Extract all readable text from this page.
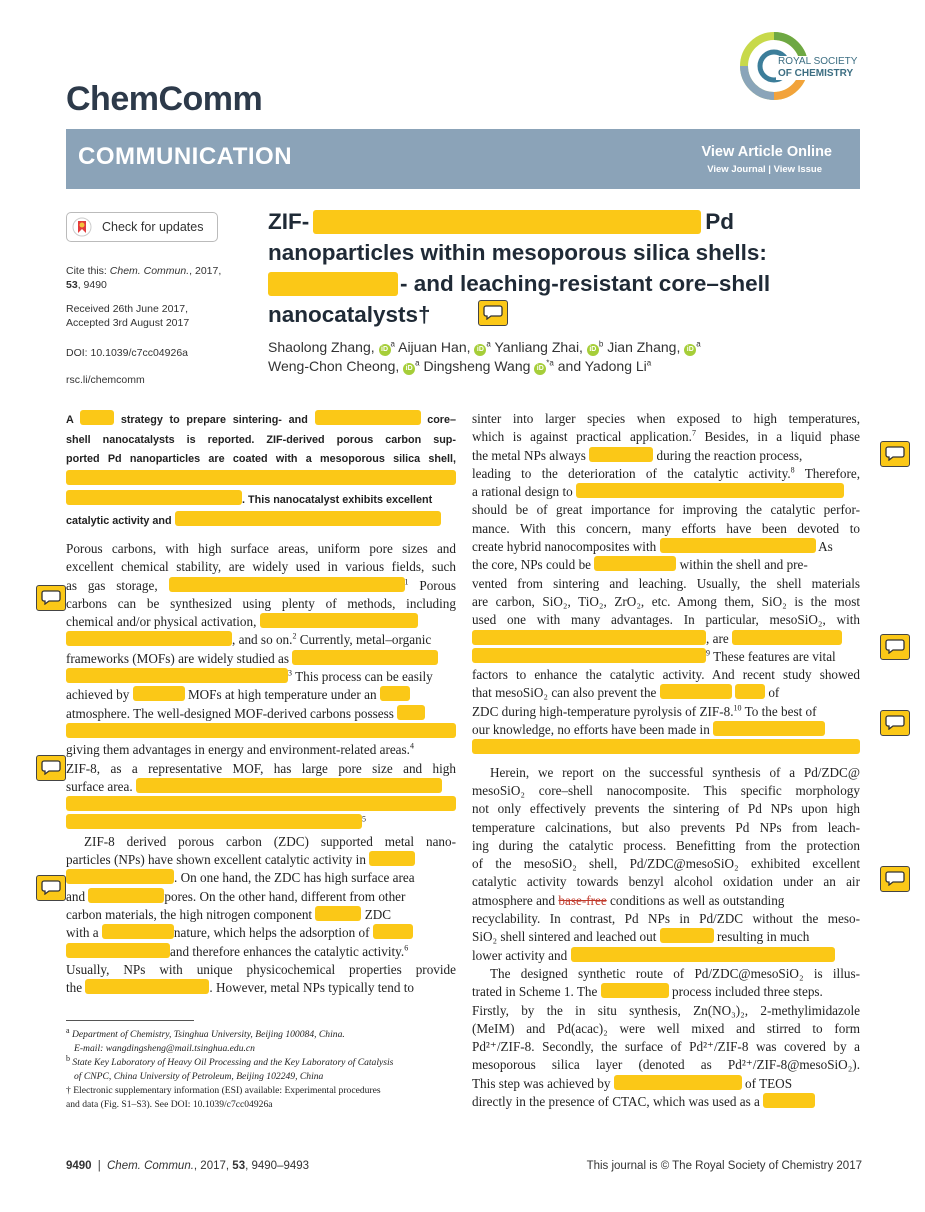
ROYAL SOCIETY
OF CHEMISTRY
ChemComm
COMMUNICATION	View Article Online
View Journal | View Issue
Check for updates
Cite this: Chem. Commun., 2017,
53, 9490
Received 26th June 2017,
Accepted 3rd August 2017
DOI: 10.1039/c7cc04926a
rsc.li/chemcomm
ZIF-	Pd
nanoparticles within mesoporous silica shells:
- and leaching-resistant core–shell
nanocatalysts†
Shaolong Zhang, $iD^a$ Aijuan Han, $iD^a$ Yanliang Zhai, $iD^b$ Jian Zhang, $iD^a$
Weng-Chon Cheong, $iD^a$ Dingsheng Wang $iD^{*a}$ and Yadong Li$^a$
A	strategy to prepare sintering- and	core–
shell nanocatalysts is reported. ZIF-derived porous carbon sup-
ported Pd nanoparticles are coated with a mesoporous silica shell,
. This nanocatalyst exhibits excellent
catalytic activity and
Porous carbons, with high surface areas, uniform pore sizes and
excellent chemical stability, are widely used in various fields, such
as gas storage,	$^1$ Porous
carbons can be synthesized using plenty of methods, including
chemical and/or physical activation,
, and so on.$^2$ Currently, metal–organic
frameworks (MOFs) are widely studied as
$^3$ This process can be easily
achieved by	MOFs at high temperature under an
atmosphere. The well-designed MOF-derived carbons possess
giving them advantages in energy and environment-related areas.$^4$
ZIF-8, as a representative MOF, has large pore size and high
surface area.
$^5$
ZIF-8 derived porous carbon (ZDC) supported metal nano-
particles (NPs) have shown excellent catalytic activity in
. On one hand, the ZDC has high surface area
and	pores. On the other hand, different from other
carbon materials, the high nitrogen component	ZDC
with a	nature, which helps the adsorption of
and therefore enhances the catalytic activity.$^6$
Usually, NPs with unique physicochemical properties provide
the	. However, metal NPs typically tend to
$^a$ Department of Chemistry, Tsinghua University, Beijing 100084, China.
E-mail: wangdingsheng@mail.tsinghua.edu.cn
$^b$ State Key Laboratory of Heavy Oil Processing and the Key Laboratory of Catalysis
of CNPC, China University of Petroleum, Beijing 102249, China
† Electronic supplementary information (ESI) available: Experimental procedures
and data (Fig. S1–S3). See DOI: 10.1039/c7cc04926a
sinter into larger species when exposed to high temperatures,
which is against practical application.$^7$ Besides, in a liquid phase
the metal NPs always	during the reaction process,
leading to the deterioration of the catalytic activity.$^8$ Therefore,
a rational design to
should be of great importance for improving the catalytic perfor-
mance. With this concern, many efforts have been devoted to
create hybrid nanocomposites with	As
the core, NPs could be	within the shell and pre-
vented from sintering and leaching. Usually, the shell materials
are carbon, SiO₂, TiO₂, ZrO₂, etc. Among them, SiO₂ is the most
used one with many advantages. In particular, mesoSiO₂, with
, are
$^9$ These features are vital
factors to enhance the catalytic activity. And recent study showed
that mesoSiO₂ can also prevent the	of
ZDC during high-temperature pyrolysis of ZIF-8.10 To the best of
our knowledge, no efforts have been made in
Herein, we report on the successful synthesis of a Pd/ZDC@
mesoSiO₂ core–shell nanocomposite. This specific morphology
not only effectively prevents the sintering of Pd NPs upon high
temperature calcinations, but also prevents Pd NPs from leach-
ing during the catalytic process. Benefitting from the protection
of the mesoSiO₂ shell, Pd/ZDC@mesoSiO₂ exhibited excellent
catalytic activity towards benzyl alcohol oxidation under an air
atmosphere and base-free conditions as well as outstanding
recyclability. In contrast, Pd NPs in Pd/ZDC without the meso-
SiO₂ shell sintered and leached out	resulting in much
lower activity and
The designed synthetic route of Pd/ZDC@mesoSiO₂ is illus-
trated in Scheme 1. The	process included three steps.
Firstly, by the in situ synthesis, Zn(NO₃)₂, 2-methylimidazole
(MeIM) and Pd(acac)₂ were well mixed and stirred to form
Pd²⁺/ZIF-8. Secondly, the surface of Pd²⁺/ZIF-8 was covered by a
mesoporous silica layer (denoted as Pd²⁺/ZIF-8@mesoSiO₂).
This step was achieved by	of TEOS
directly in the presence of CTAC, which was used as a
9490 | Chem. Commun., 2017, 53, 9490–9493	This journal is © The Royal Society of Chemistry 2017
